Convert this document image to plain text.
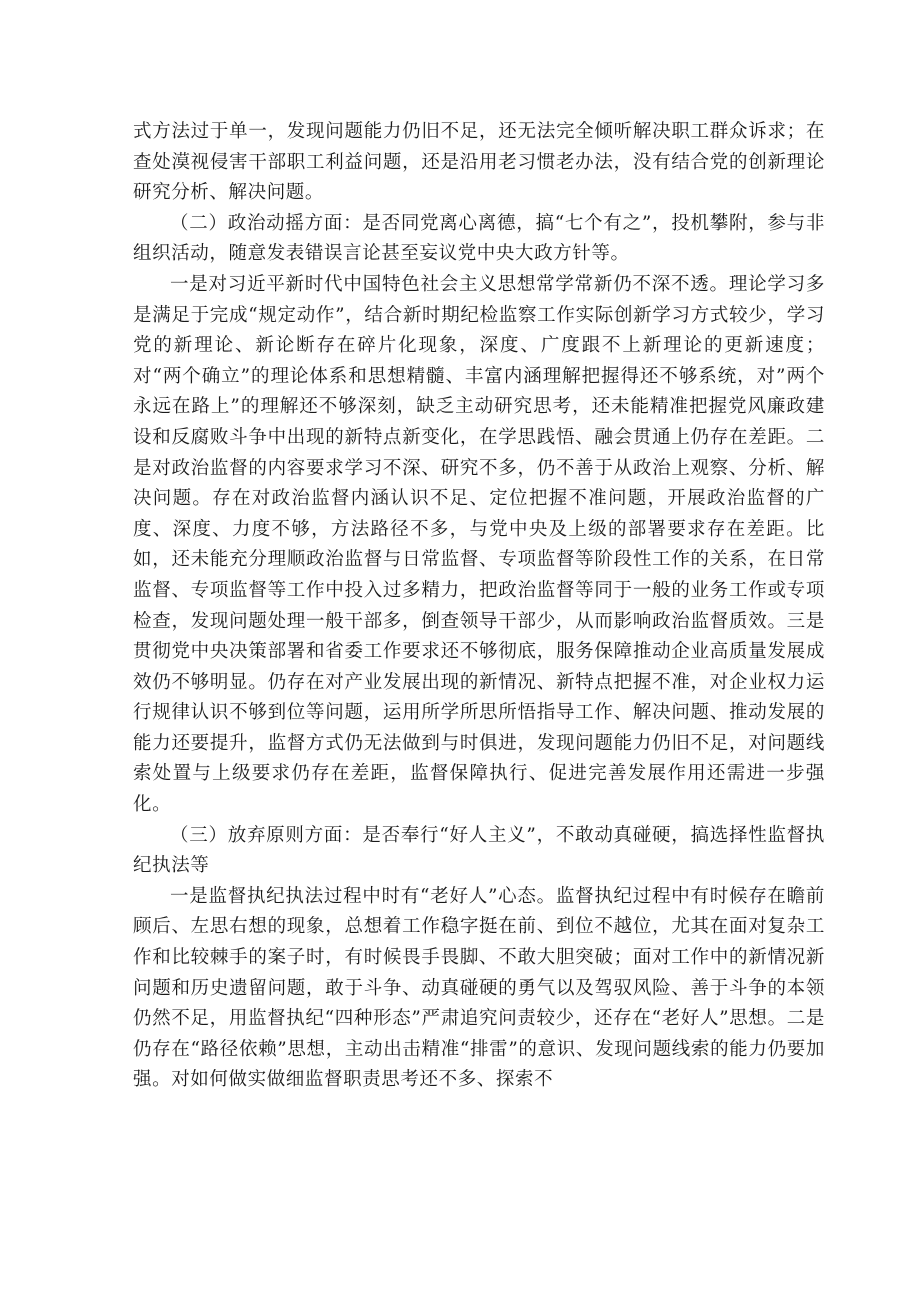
式方法过于单一，发现问题能力仍旧不足，还无法完全倾听解决职工群众诉求；在查处漠视侵害干部职工利益问题，还是沿用老习惯老办法，没有结合党的创新理论研究分析、解决问题。

（二）政治动摇方面：是否同党离心离德，搞“七个有之”，投机攀附，参与非组织活动，随意发表错误言论甚至妄议党中央大政方针等。

一是对习近平新时代中国特色社会主义思想常学常新仍不深不透。理论学习多是满足于完成“规定动作”，结合新时期纪检监察工作实际创新学习方式较少，学习党的新理论、新论断存在碎片化现象，深度、广度跟不上新理论的更新速度；对“两个确立”的理论体系和思想精髓、丰富内涵理解把握得还不够系统，对”两个永远在路上”的理解还不够深刻，缺乏主动研究思考，还未能精准把握党风廉政建设和反腐败斗争中出现的新特点新变化，在学思践悟、融会贯通上仍存在差距。二是对政治监督的内容要求学习不深、研究不多，仍不善于从政治上观察、分析、解决问题。存在对政治监督内涵认识不足、定位把握不准问题，开展政治监督的广度、深度、力度不够，方法路径不多，与党中央及上级的部署要求存在差距。比如，还未能充分理顺政治监督与日常监督、专项监督等阶段性工作的关系，在日常监督、专项监督等工作中投入过多精力，把政治监督等同于一般的业务工作或专项检查，发现问题处理一般干部多，倒查领导干部少，从而影响政治监督质效。三是贯彻党中央决策部署和省委工作要求还不够彻底，服务保障推动企业高质量发展成效仍不够明显。仍存在对产业发展出现的新情况、新特点把握不准，对企业权力运行规律认识不够到位等问题，运用所学所思所悟指导工作、解决问题、推动发展的能力还要提升，监督方式仍无法做到与时俱进，发现问题能力仍旧不足，对问题线索处置与上级要求仍存在差距，监督保障执行、促进完善发展作用还需进一步强化。

（三）放弃原则方面：是否奉行“好人主义”，不敢动真碰硬，搞选择性监督执纪执法等

一是监督执纪执法过程中时有“老好人”心态。监督执纪过程中有时候存在瞻前顾后、左思右想的现象，总想着工作稳字挺在前、到位不越位，尤其在面对复杂工作和比较棘手的案子时，有时候畏手畏脚、不敢大胆突破；面对工作中的新情况新问题和历史遗留问题，敢于斗争、动真碰硬的勇气以及驾驭风险、善于斗争的本领仍然不足，用监督执纪“四种形态”严肃追究问责较少，还存在“老好人”思想。二是仍存在“路径依赖”思想，主动出击精准“排雷”的意识、发现问题线索的能力仍要加强。对如何做实做细监督职责思考还不多、探索不
